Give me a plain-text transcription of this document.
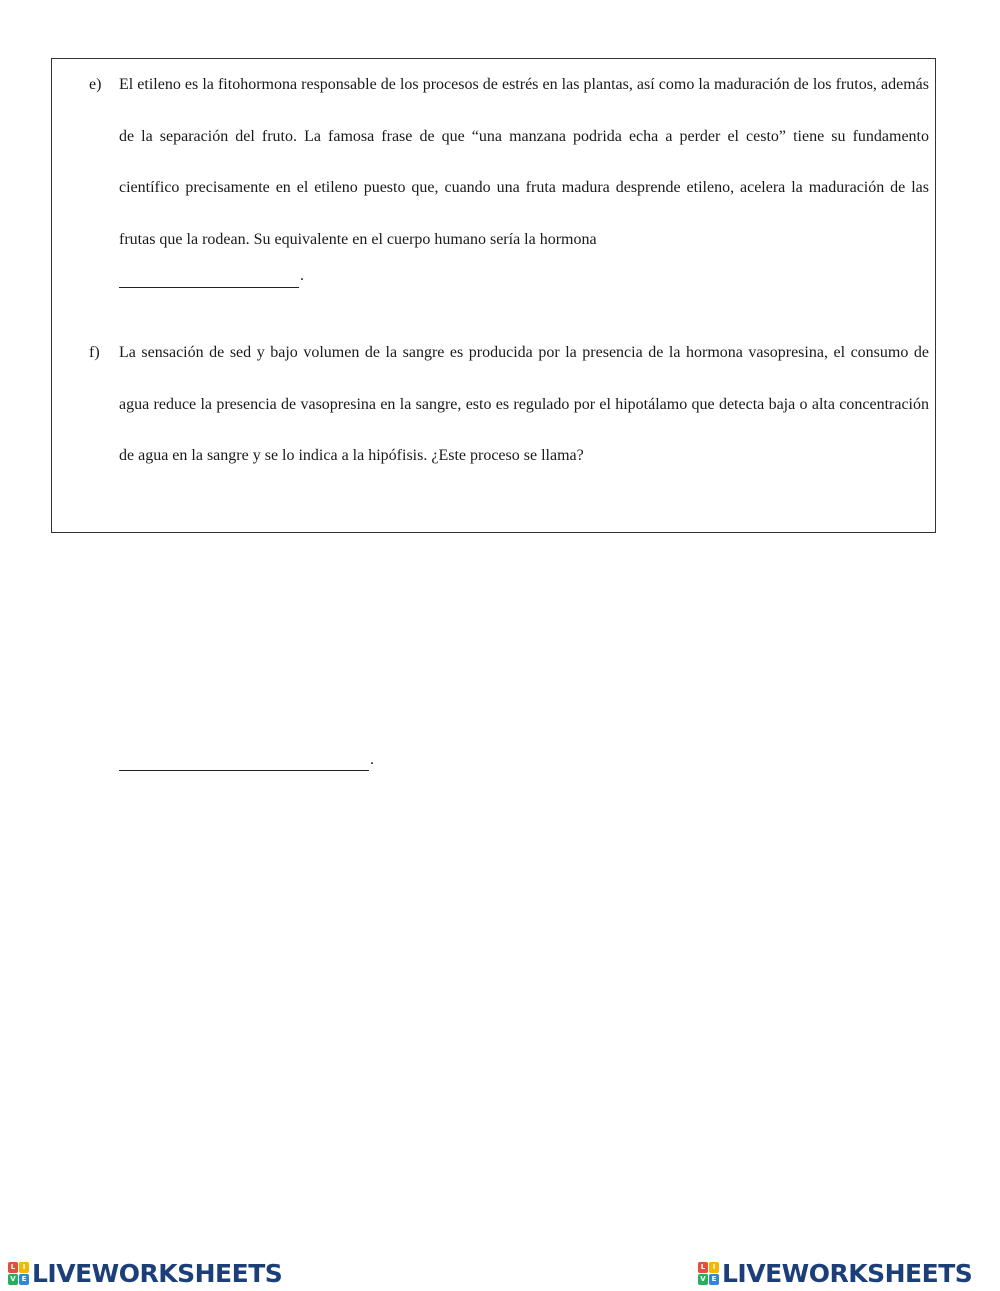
e) El etileno es la fitohormona responsable de los procesos de estrés en las plantas, así como la maduración de los frutos, además de la separación del fruto. La famosa frase de que “una manzana podrida echa a perder el cesto” tiene su fundamento científico precisamente en el etileno puesto que, cuando una fruta madura desprende etileno, acelera la maduración de las frutas que la rodean. Su equivalente en el cuerpo humano sería la hormona

.
f) La sensación de sed y bajo volumen de la sangre es producida por la presencia de la hormona vasopresina, el consumo de agua reduce la presencia de vasopresina en la sangre, esto es regulado por el hipotálamo que detecta baja o alta concentración de agua en la sangre y se lo indica a la hipófisis. ¿Este proceso se llama?

.
L	I
V E LIVEWORKSHEETS	L	I
V E LIVEWORKSHEETS
